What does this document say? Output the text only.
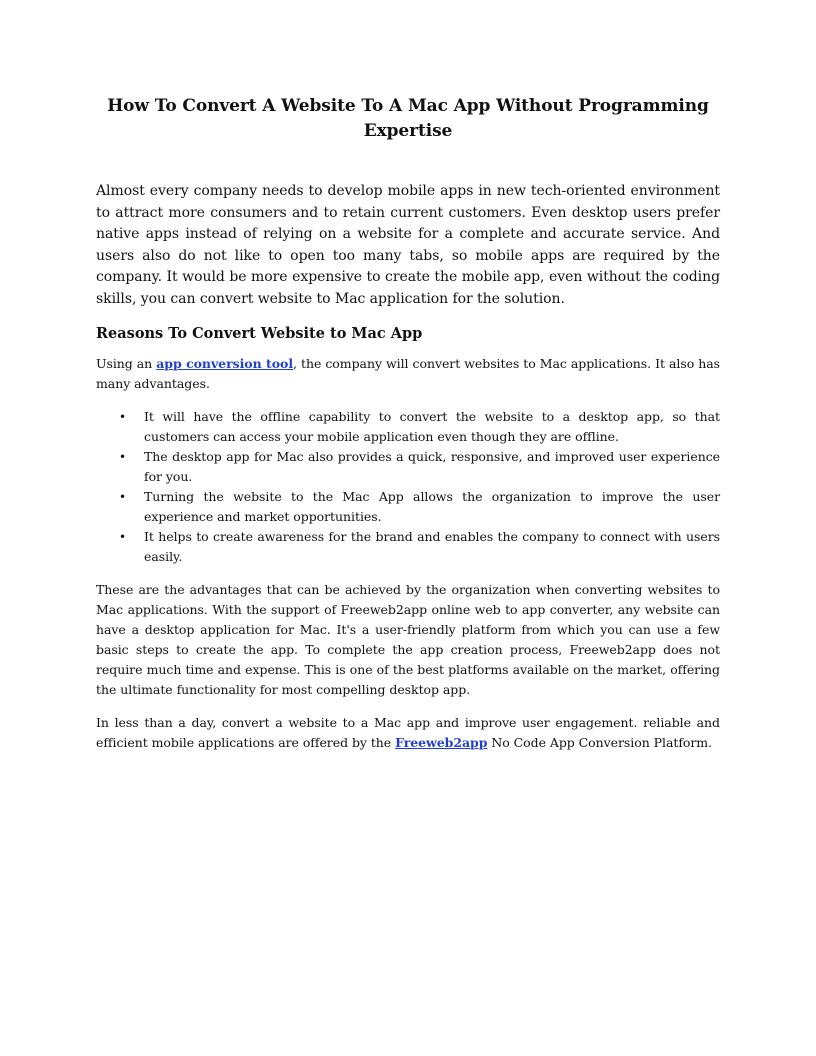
How To Convert A Website To A Mac App Without Programming Expertise

Almost every company needs to develop mobile apps in new tech-oriented environment to attract more consumers and to retain current customers. Even desktop users prefer native apps instead of relying on a website for a complete and accurate service. And users also do not like to open too many tabs, so mobile apps are required by the company. It would be more expensive to create the mobile app, even without the coding skills, you can convert website to Mac application for the solution.

Reasons To Convert Website to Mac App

Using an app conversion tool, the company will convert websites to Mac applications. It also has many advantages.

• It will have the offline capability to convert the website to a desktop app, so that customers can access your mobile application even though they are offline.
• The desktop app for Mac also provides a quick, responsive, and improved user experience for you.
• Turning the website to the Mac App allows the organization to improve the user experience and market opportunities.
• It helps to create awareness for the brand and enables the company to connect with users easily.

These are the advantages that can be achieved by the organization when converting websites to Mac applications. With the support of Freeweb2app online web to app converter, any website can have a desktop application for Mac. It's a user-friendly platform from which you can use a few basic steps to create the app. To complete the app creation process, Freeweb2app does not require much time and expense. This is one of the best platforms available on the market, offering the ultimate functionality for most compelling desktop app.

In less than a day, convert a website to a Mac app and improve user engagement. reliable and efficient mobile applications are offered by the Freeweb2app No Code App Conversion Platform.
